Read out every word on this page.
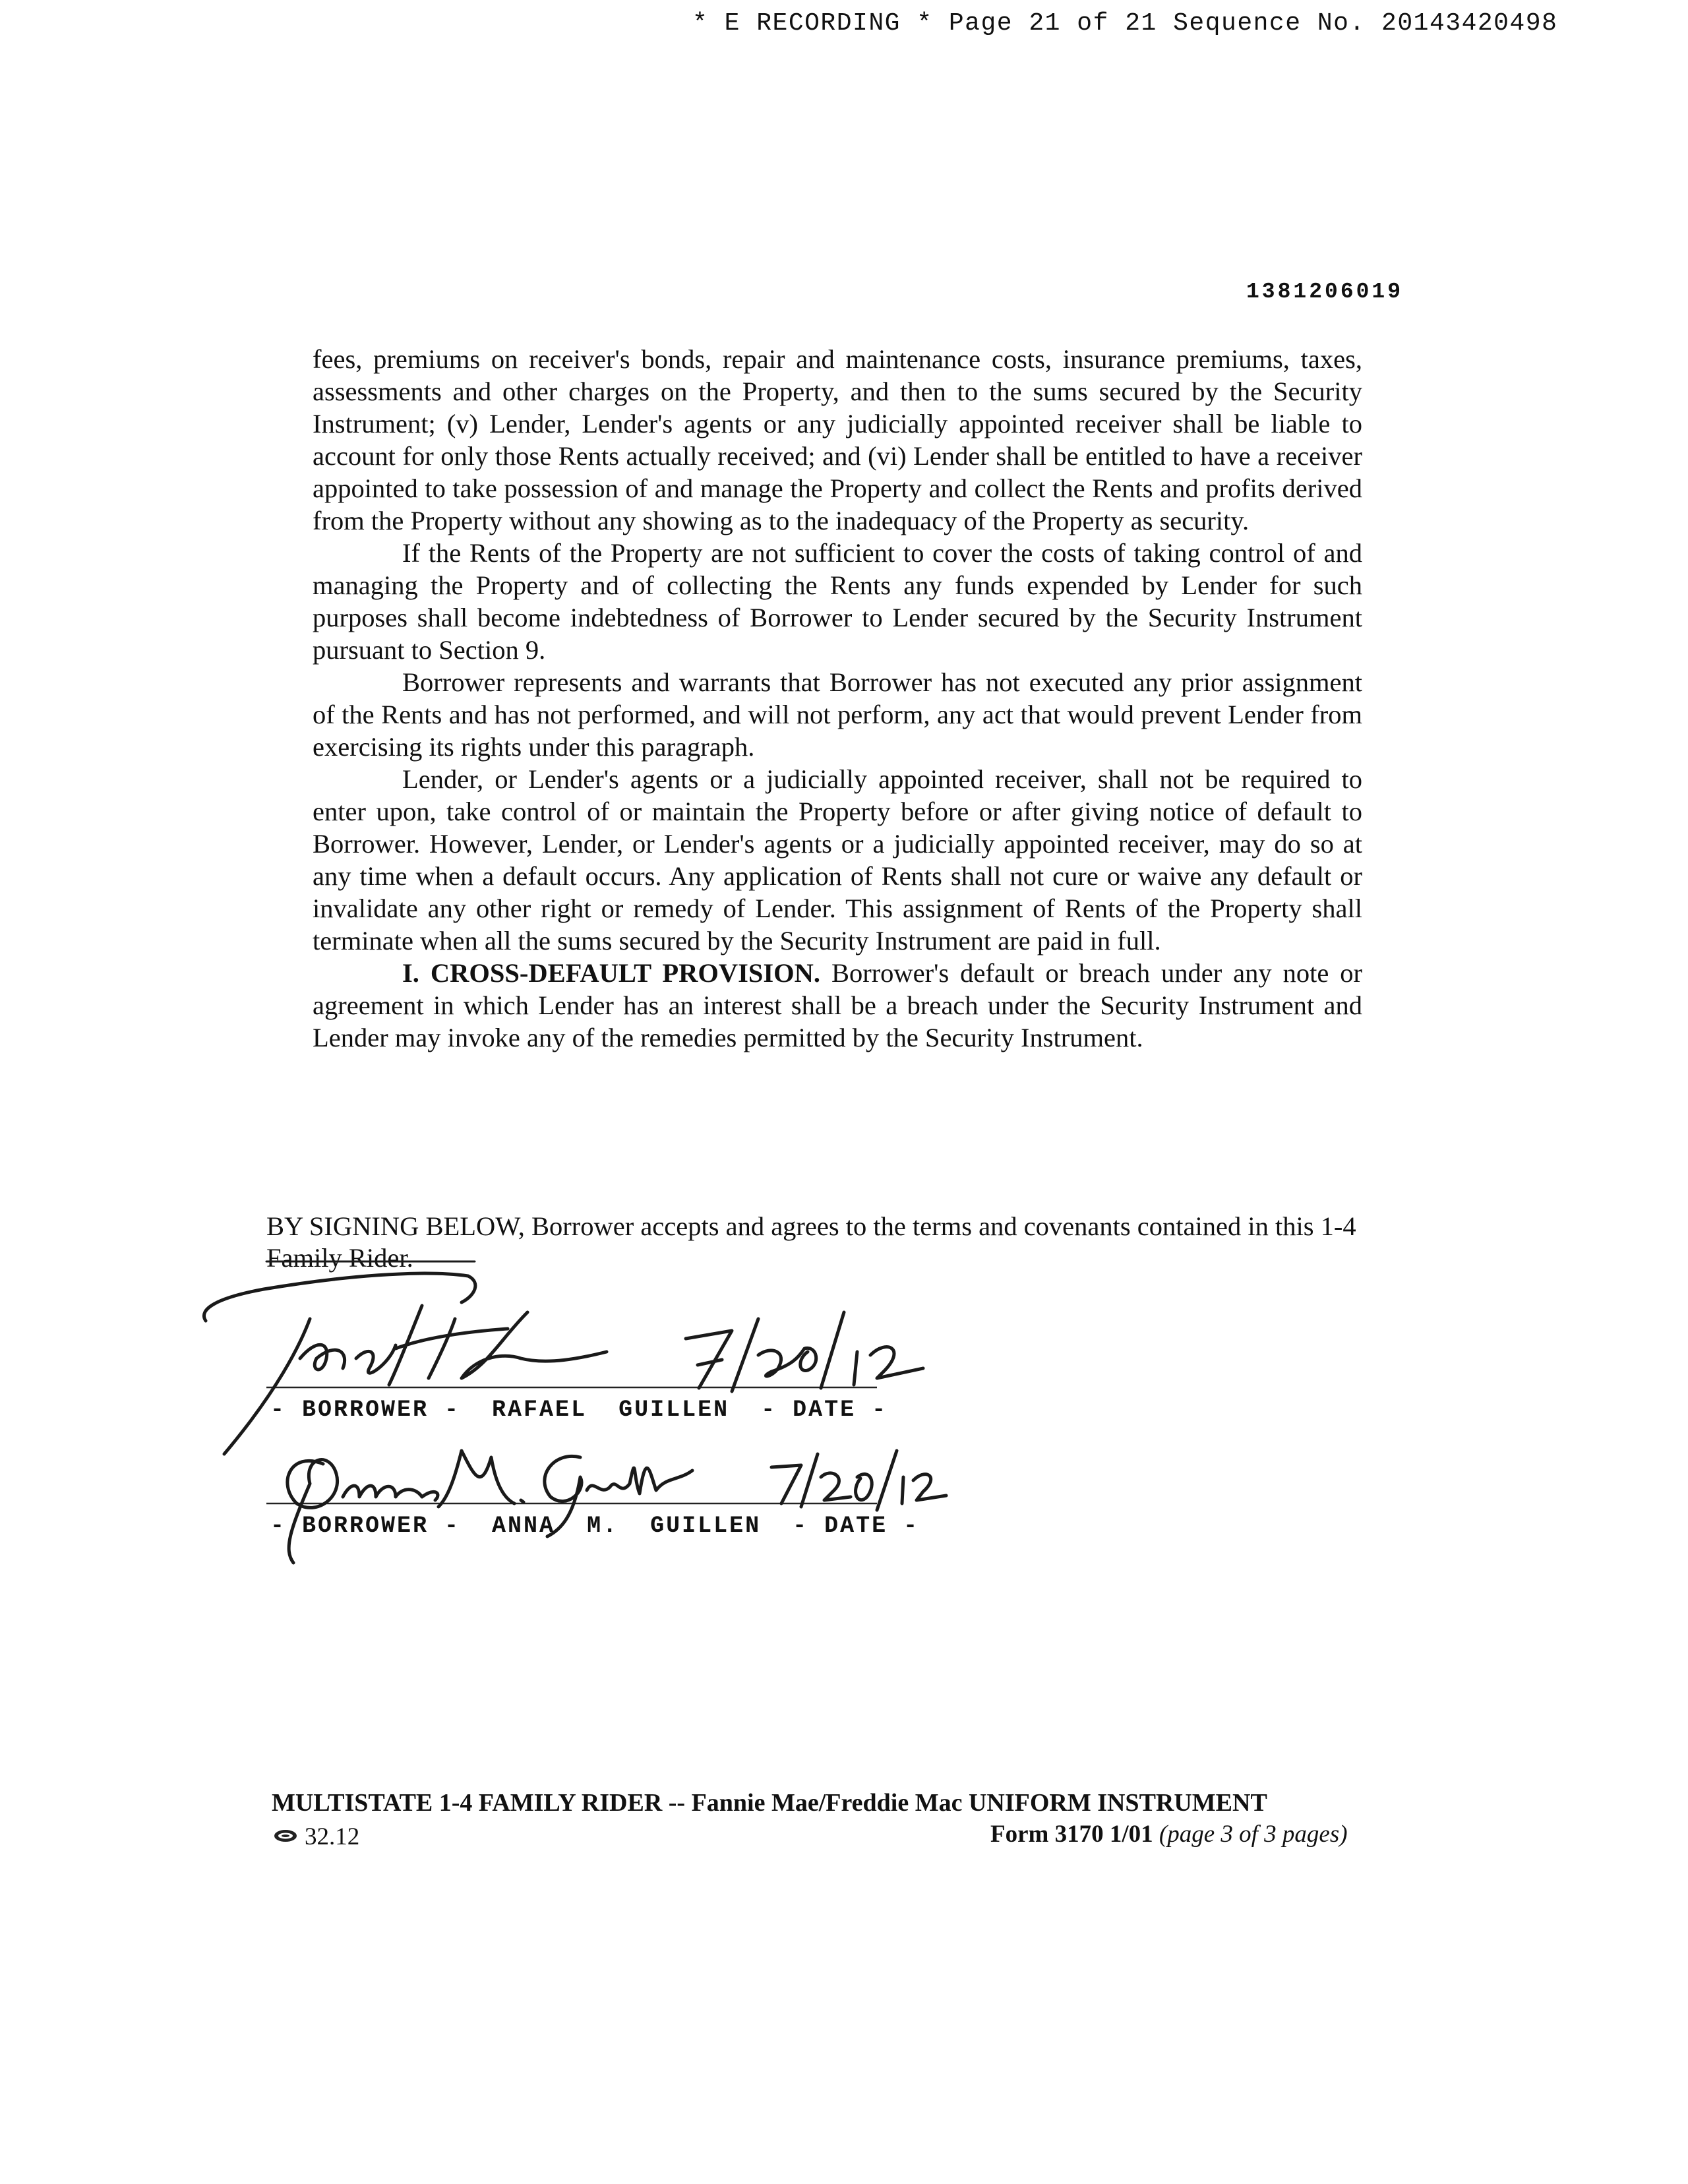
* E RECORDING * Page 21 of 21 Sequence No. 20143420498
1381206019

fees, premiums on receiver's bonds, repair and maintenance costs, insurance premiums, taxes, assessments and other charges on the Property, and then to the sums secured by the Security Instrument; (v) Lender, Lender's agents or any judicially appointed receiver shall be liable to account for only those Rents actually received; and (vi) Lender shall be entitled to have a receiver appointed to take possession of and manage the Property and collect the Rents and profits derived from the Property without any showing as to the inadequacy of the Property as security.

If the Rents of the Property are not sufficient to cover the costs of taking control of and managing the Property and of collecting the Rents any funds expended by Lender for such purposes shall become indebtedness of Borrower to Lender secured by the Security Instrument pursuant to Section 9.

Borrower represents and warrants that Borrower has not executed any prior assignment of the Rents and has not performed, and will not perform, any act that would prevent Lender from exercising its rights under this paragraph.

Lender, or Lender's agents or a judicially appointed receiver, shall not be required to enter upon, take control of or maintain the Property before or after giving notice of default to Borrower. However, Lender, or Lender's agents or a judicially appointed receiver, may do so at any time when a default occurs. Any application of Rents shall not cure or waive any default or invalidate any other right or remedy of Lender. This assignment of Rents of the Property shall terminate when all the sums secured by the Security Instrument are paid in full.

I. CROSS-DEFAULT PROVISION. Borrower's default or breach under any note or agreement in which Lender has an interest shall be a breach under the Security Instrument and Lender may invoke any of the remedies permitted by the Security Instrument.

BY SIGNING BELOW, Borrower accepts and agrees to the terms and covenants contained in this 1-4 Family Rider.
- BORROWER -  RAFAEL  GUILLEN  - DATE -
- BORROWER -  ANNA  M.  GUILLEN  - DATE -
MULTISTATE 1-4 FAMILY RIDER -- Fannie Mae/Freddie Mac UNIFORM INSTRUMENT
32.12	Form 3170 1/01 (page 3 of 3 pages)
